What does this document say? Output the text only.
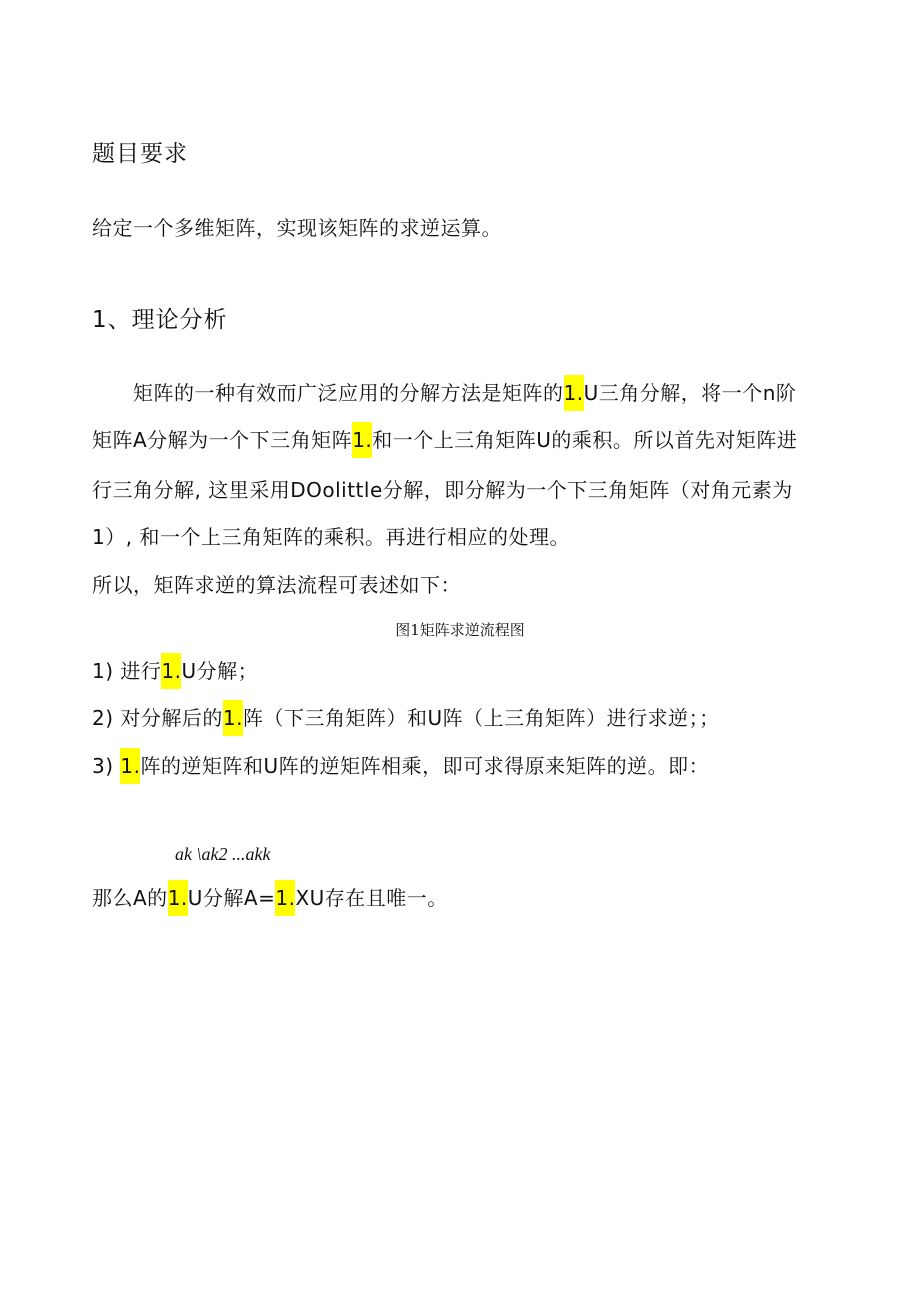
题目要求
给定一个多维矩阵，实现该矩阵的求逆运算。
1、理论分析
矩阵的一种有效而广泛应用的分解方法是矩阵的1.U三角分解，将一个n阶
矩阵A分解为一个下三角矩阵1.和一个上三角矩阵U的乘积。所以首先对矩阵进
行三角分解, 这里采用DOolittle分解，即分解为一个下三角矩阵（对角元素为
1）, 和一个上三角矩阵的乘积。再进行相应的处理。
所以，矩阵求逆的算法流程可表述如下：
图1矩阵求逆流程图
1) 进行1.U分解；
2) 对分解后的1.阵（下三角矩阵）和U阵（上三角矩阵）进行求逆；；
3) 1.阵的逆矩阵和U阵的逆矩阵相乘，即可求得原来矩阵的逆。即：
ak \ak2 ...akk
那么A的1.U分解A=1.XU存在且唯一。
